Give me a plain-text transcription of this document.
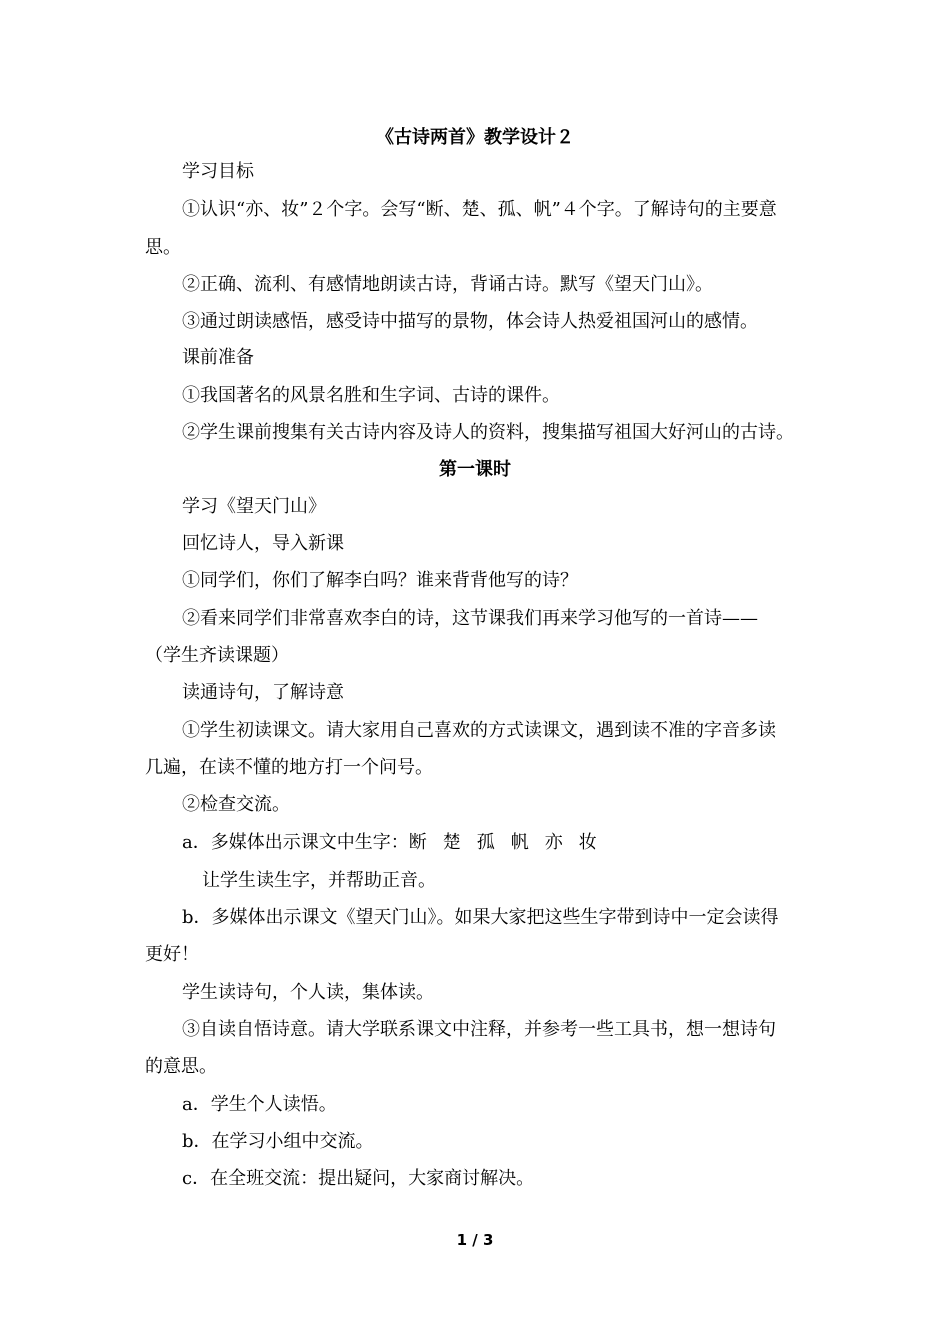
《古诗两首》教学设计２
学习目标
①认识“亦、妆”２个字。会写“断、楚、孤、帆”４个字。了解诗句的主要意
思。
②正确、流利、有感情地朗读古诗，背诵古诗。默写《望天门山》。
③通过朗读感悟，感受诗中描写的景物，体会诗人热爱祖国河山的感情。
课前准备
①我国著名的风景名胜和生字词、古诗的课件。
②学生课前搜集有关古诗内容及诗人的资料，搜集描写祖国大好河山的古诗。
第一课时
学习《望天门山》
回忆诗人，导入新课
①同学们，你们了解李白吗？谁来背背他写的诗？
②看来同学们非常喜欢李白的诗，这节课我们再来学习他写的一首诗——
（学生齐读课题）
读通诗句，了解诗意
①学生初读课文。请大家用自己喜欢的方式读课文，遇到读不准的字音多读
几遍，在读不懂的地方打一个问号。
②检查交流。
a．多媒体出示课文中生字：断 楚 孤 帆 亦 妆
让学生读生字，并帮助正音。
b．多媒体出示课文《望天门山》。如果大家把这些生字带到诗中一定会读得
更好！
学生读诗句，个人读，集体读。
③自读自悟诗意。请大学联系课文中注释，并参考一些工具书，想一想诗句
的意思。
a．学生个人读悟。
b．在学习小组中交流。
c．在全班交流：提出疑问，大家商讨解决。
1 / 3
